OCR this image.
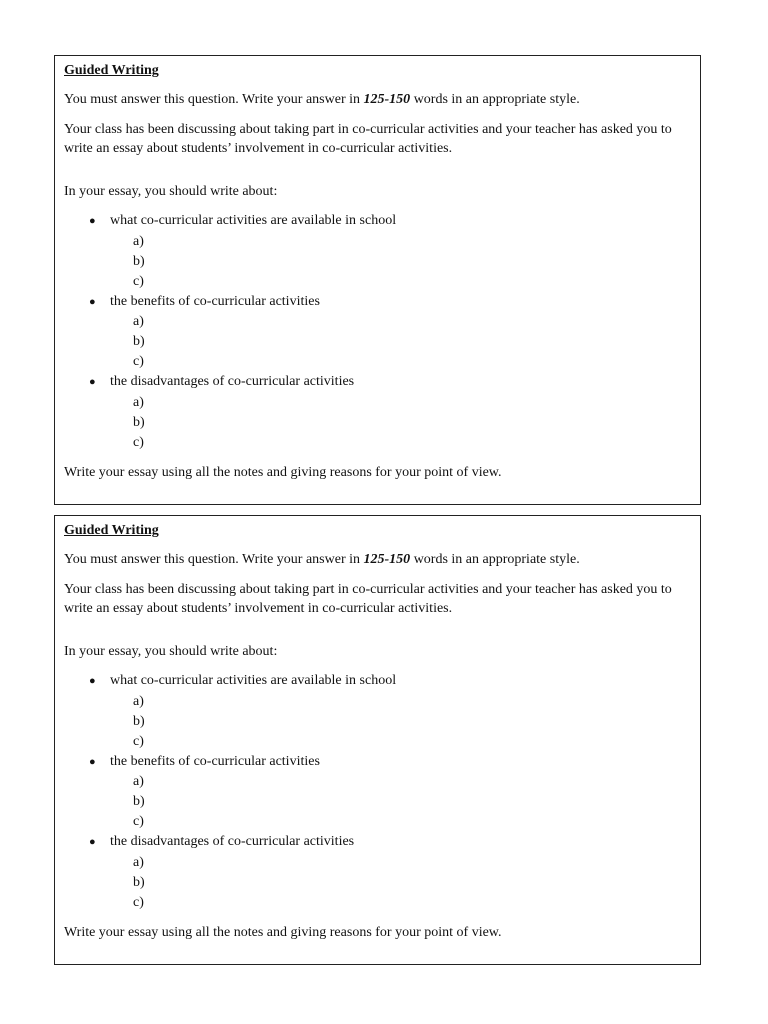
Guided Writing

You must answer this question. Write your answer in 125-150 words in an appropriate style.

Your class has been discussing about taking part in co-curricular activities and your teacher has asked you to write an essay about students’ involvement in co-curricular activities.

In your essay, you should write about:

●	what co-curricular activities are available in school
a)
b)
c)
●	the benefits of co-curricular activities
a)
b)
c)
●	the disadvantages of co-curricular activities
a)
b)
c)

Write your essay using all the notes and giving reasons for your point of view.

Guided Writing

You must answer this question. Write your answer in 125-150 words in an appropriate style.

Your class has been discussing about taking part in co-curricular activities and your teacher has asked you to write an essay about students’ involvement in co-curricular activities.

In your essay, you should write about:

●	what co-curricular activities are available in school
a)
b)
c)
●	the benefits of co-curricular activities
a)
b)
c)
●	the disadvantages of co-curricular activities
a)
b)
c)

Write your essay using all the notes and giving reasons for your point of view.
